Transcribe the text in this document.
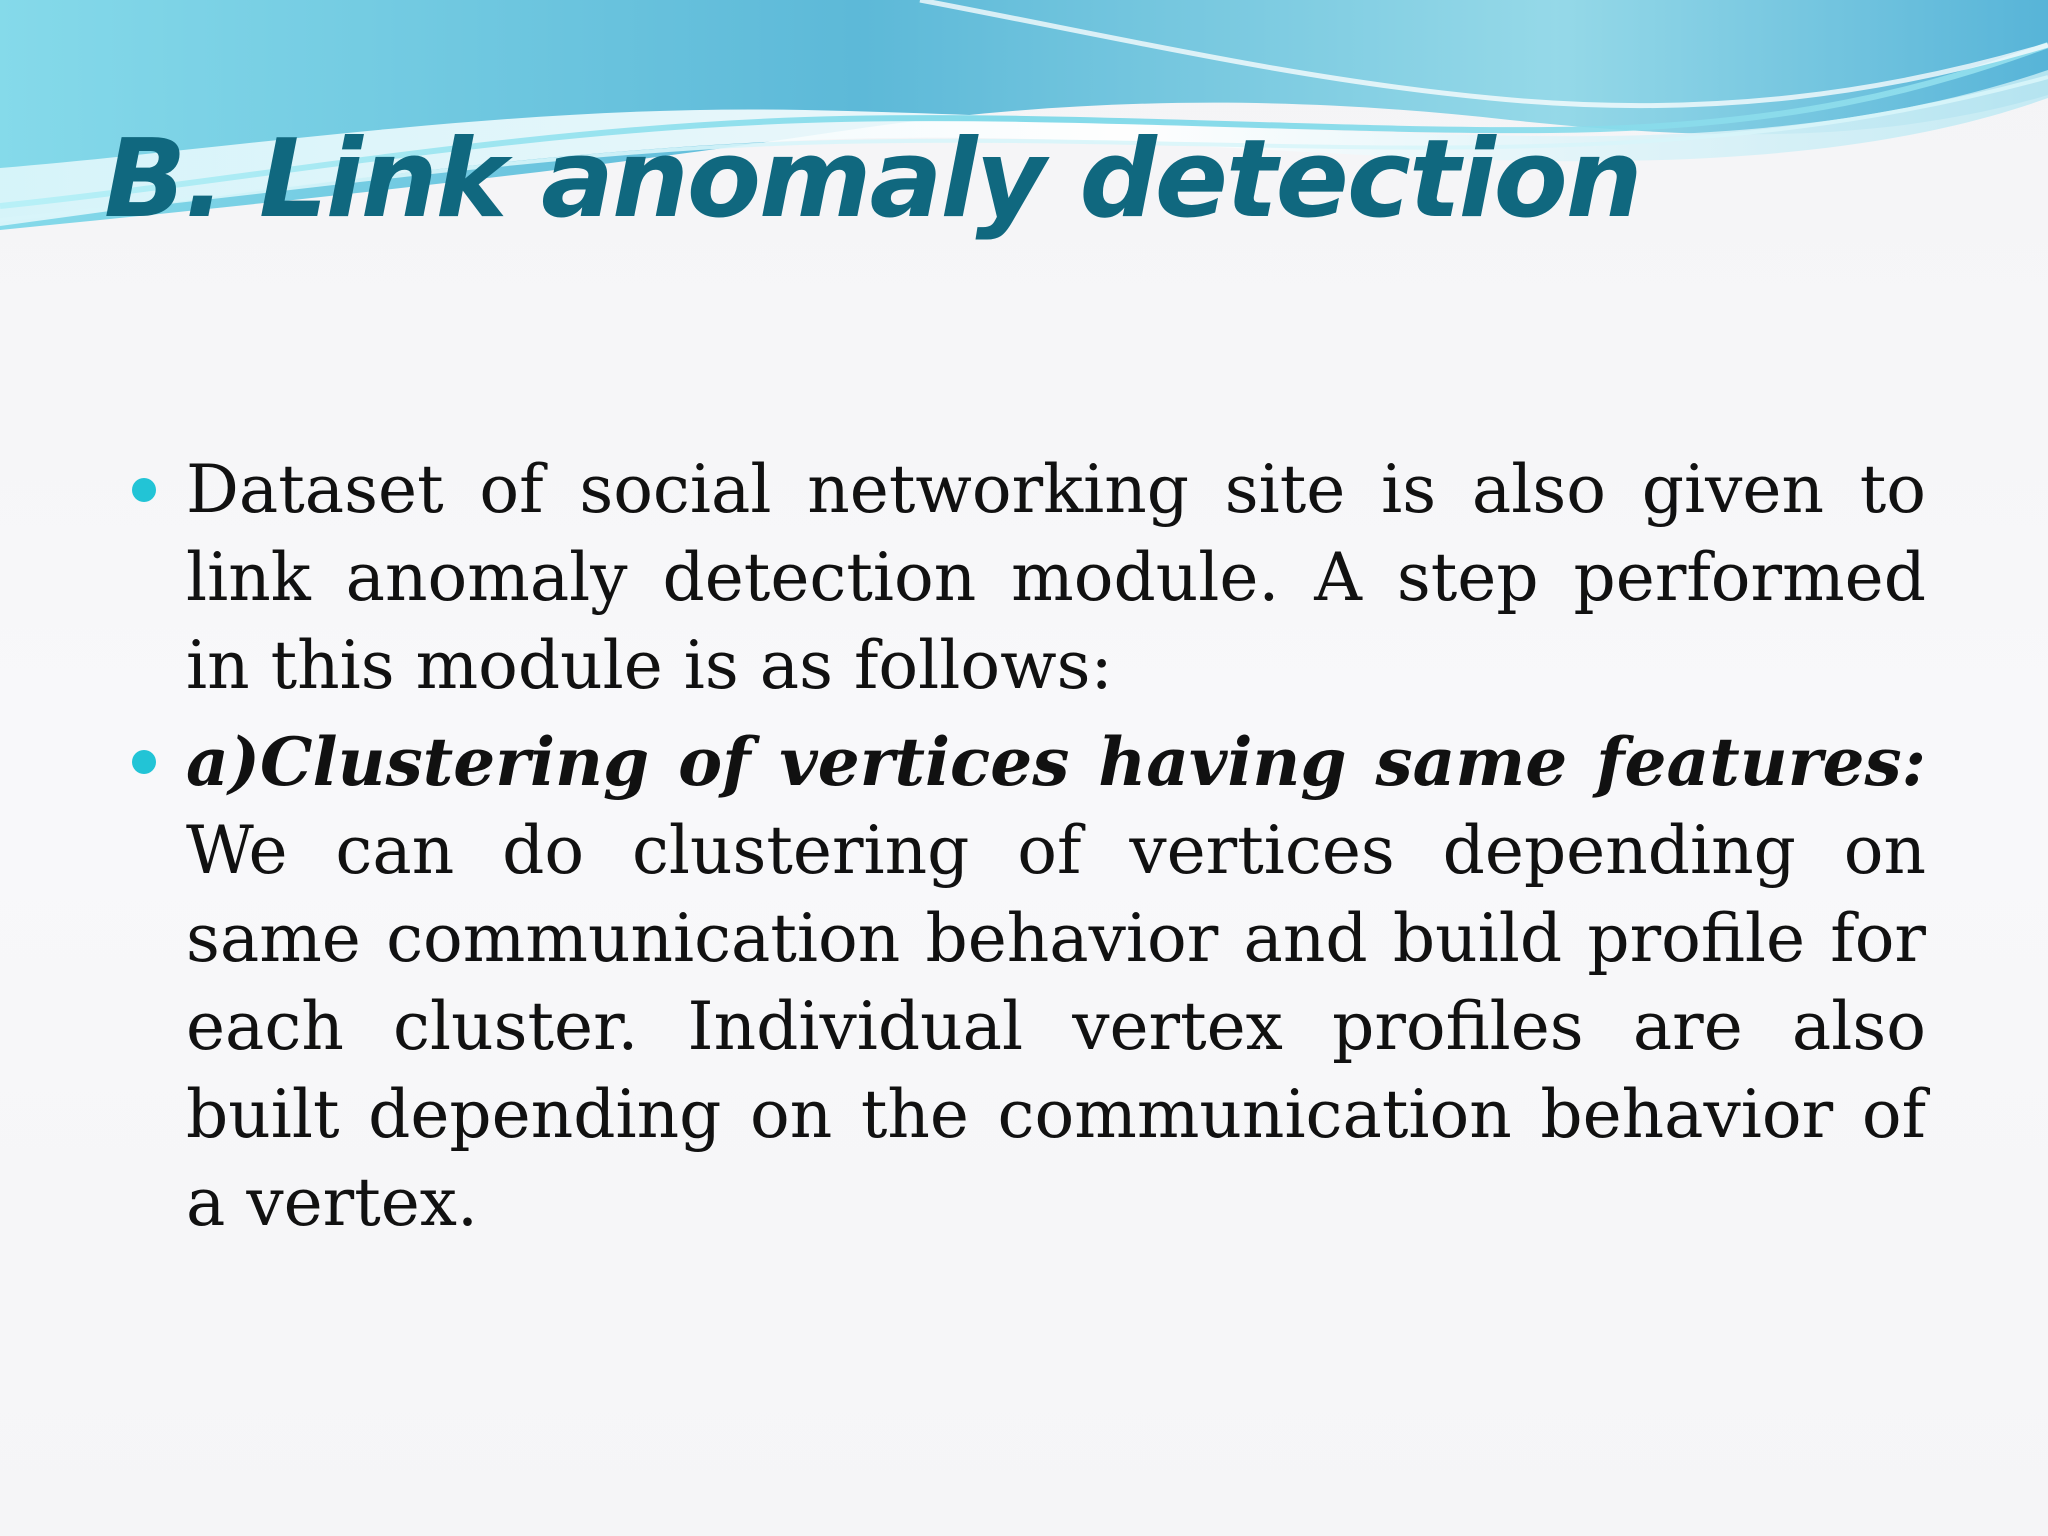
B. Link anomaly detection
Dataset of social networking site is also given to link anomaly detection module. A step performed in this module is as follows:
a)Clustering of vertices having same features: We can do clustering of vertices depending on same communication behavior and build profile for each cluster. Individual vertex profiles are also built depending on the communication behavior of a vertex.
